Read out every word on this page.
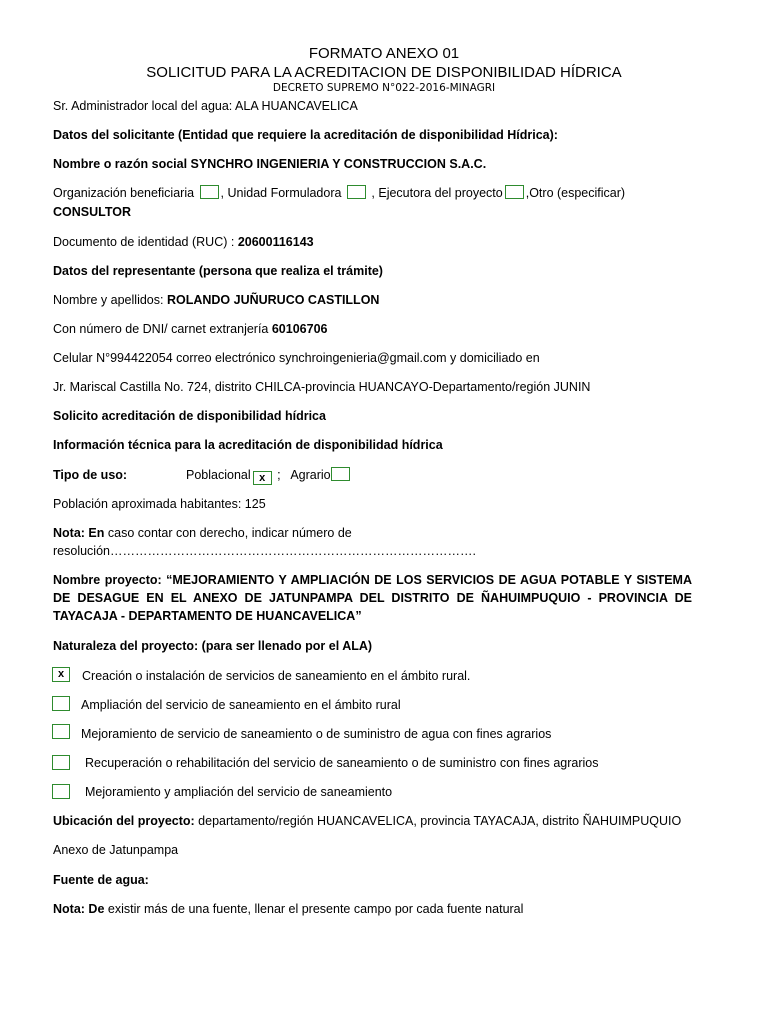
FORMATO ANEXO 01
SOLICITUD PARA LA ACREDITACION DE DISPONIBILIDAD HÍDRICA
DECRETO SUPREMO N°022-2016-MINAGRI
Sr. Administrador local del agua: ALA HUANCAVELICA
Datos del solicitante (Entidad que requiere la acreditación de disponibilidad Hídrica):
Nombre o razón social SYNCHRO INGENIERIA Y CONSTRUCCION S.A.C.
Organización beneficiaria , Unidad Formuladora  , Ejecutora del proyecto ,Otro (especificar)
CONSULTOR
Documento de identidad (RUC) : 20600116143
Datos del representante (persona que realiza el trámite)
Nombre y apellidos: ROLANDO JUÑURUCO CASTILLON
Con número de DNI/ carnet extranjería 60106706
Celular N°994422054 correo electrónico synchroingenieria@gmail.com y domiciliado en
Jr. Mariscal Castilla No. 724, distrito CHILCA-provincia HUANCAYO-Departamento/región JUNIN
Solicito acreditación de disponibilidad hídrica
Información técnica para la acreditación de disponibilidad hídrica
Tipo de uso:	Poblacional x ; Agrario
Población aproximada habitantes: 125
Nota: En caso contar con derecho, indicar número de
resolución…………………………………………………………………………….
Nombre proyecto: “MEJORAMIENTO Y AMPLIACIÓN DE LOS SERVICIOS DE AGUA POTABLE Y SISTEMA DE DESAGUE EN EL ANEXO DE JATUNPAMPA DEL DISTRITO DE ÑAHUIMPUQUIO - PROVINCIA DE TAYACAJA - DEPARTAMENTO DE HUANCAVELICA”
Naturaleza del proyecto: (para ser llenado por el ALA)
x	Creación o instalación de servicios de saneamiento en el ámbito rural.
Ampliación del servicio de saneamiento en el ámbito rural
Mejoramiento de servicio de saneamiento o de suministro de agua con fines agrarios
Recuperación o rehabilitación del servicio de saneamiento o de suministro con fines agrarios
Mejoramiento y ampliación del servicio de saneamiento
Ubicación del proyecto: departamento/región HUANCAVELICA, provincia TAYACAJA, distrito ÑAHUIMPUQUIO
Anexo de Jatunpampa
Fuente de agua:
Nota: De existir más de una fuente, llenar el presente campo por cada fuente natural
